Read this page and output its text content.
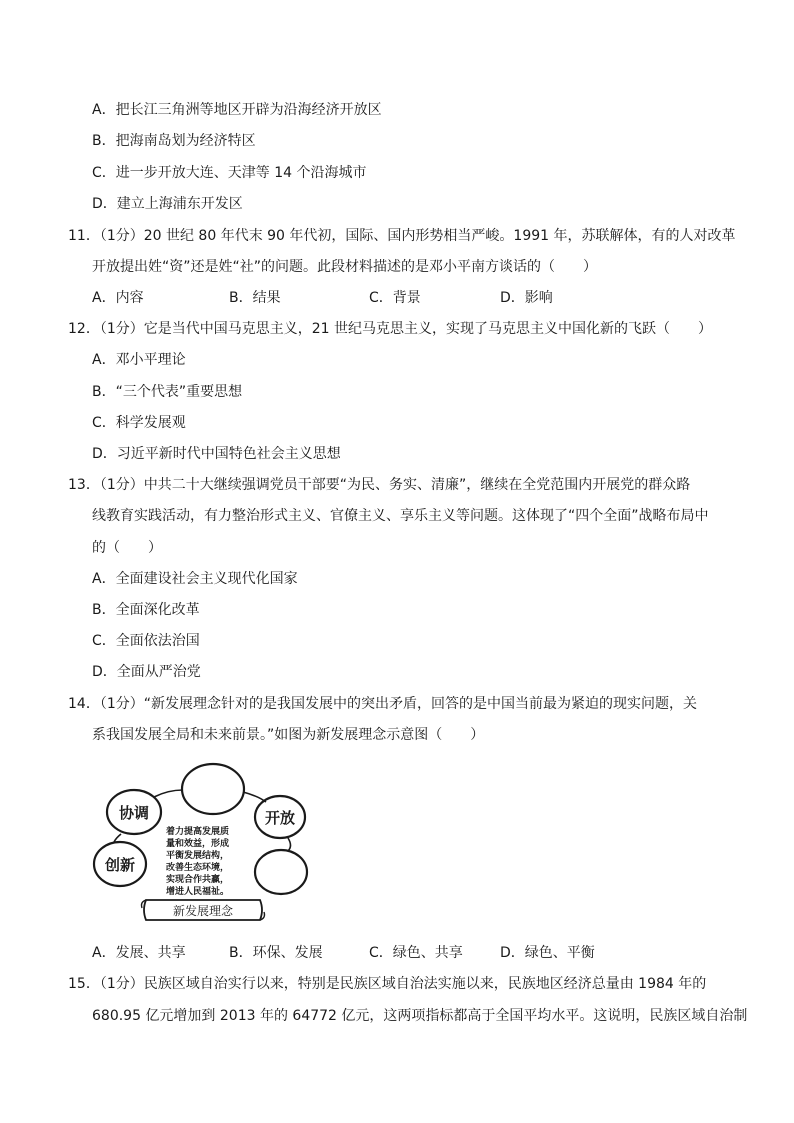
A．把长江三角洲等地区开辟为沿海经济开放区
B．把海南岛划为经济特区
C．进一步开放大连、天津等 14 个沿海城市
D．建立上海浦东开发区
11．（1分）20 世纪 80 年代末 90 年代初，国际、国内形势相当严峻。1991 年，苏联解体，有的人对改革
开放提出姓“资”还是姓“社”的问题。此段材料描述的是邓小平南方谈话的（　　）
A．内容	B．结果	C．背景	D．影响
12．（1分）它是当代中国马克思主义，21 世纪马克思主义，实现了马克思主义中国化新的飞跃（　　）
A．邓小平理论
B．“三个代表”重要思想
C．科学发展观
D．习近平新时代中国特色社会主义思想
13．（1分）中共二十大继续强调党员干部要“为民、务实、清廉”，继续在全党范围内开展党的群众路
线教育实践活动，有力整治形式主义、官僚主义、享乐主义等问题。这体现了“四个全面”战略布局中
的（　　）
A．全面建设社会主义现代化国家
B．全面深化改革
C．全面依法治国
D．全面从严治党
14．（1分）“新发展理念针对的是我国发展中的突出矛盾，回答的是中国当前最为紧迫的现实问题，关
系我国发展全局和未来前景。”如图为新发展理念示意图（　　）
协调	开放
创新
着力提高发展质
量和效益，形成
平衡发展结构，
改善生态环境，
实现合作共赢，
增进人民福祉。
新发展理念
A．发展、共享	B．环保、发展	C．绿色、共享	D．绿色、平衡
15．（1分）民族区域自治实行以来，特别是民族区域自治法实施以来，民族地区经济总量由 1984 年的
680.95 亿元增加到 2013 年的 64772 亿元，这两项指标都高于全国平均水平。这说明，民族区域自治制
